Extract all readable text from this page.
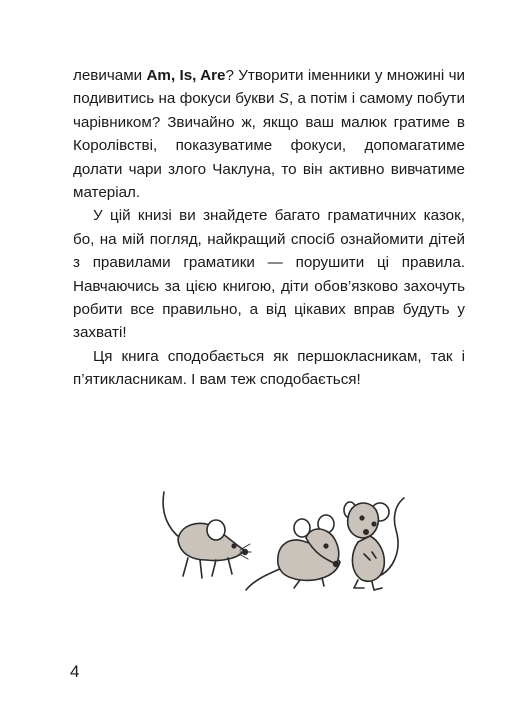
левичами Am, Is, Are? Утворити іменники у множині чи подивитись на фокуси букви S, а потім і самому побути чарівником? Звичайно ж, якщо ваш малюк гратиме в Королівстві, показуватиме фокуси, допомагатиме долати чари злого Чаклуна, то він активно вивчатиме матеріал.

У цій книзі ви знайдете багато граматичних казок, бо, на мій погляд, найкращий спосіб ознайомити дітей з правилами граматики — порушити ці правила. Навчаючись за цією книгою, діти обов’язково захочуть робити все правильно, а від цікавих вправ будуть у захваті!

Ця книга сподобається як першокласникам, так і п’ятикласникам. І вам теж сподобається!

4
